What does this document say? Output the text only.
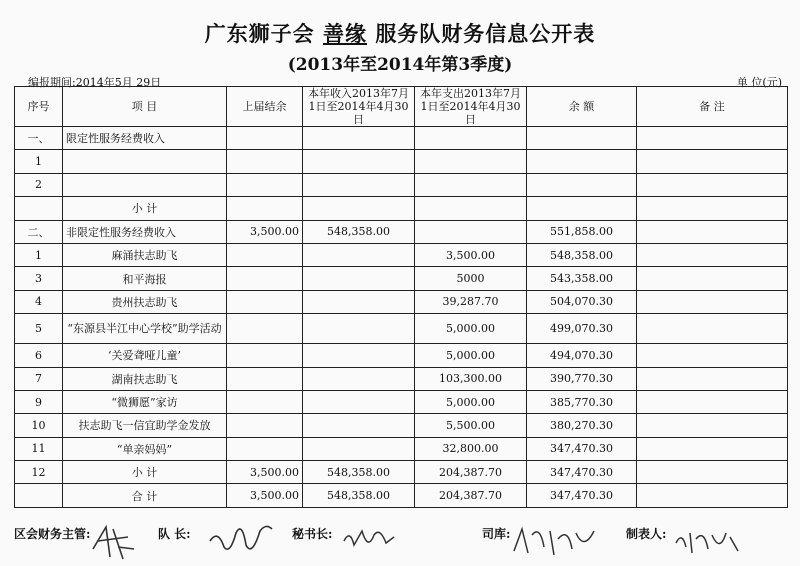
广东狮子会 善缘 服务队财务信息公开表
(2013年至2014年第3季度)
编报期间:2014年5月 29日	单 位(元)
序号	项 目	上届结余	本年收入2013年7月1日至2014年4月30日	本年支出2013年7月1日至2014年4月30日	余 额	备 注
一、	限定性服务经费收入					
1						
2						
	小 计					
二、	非限定性服务经费收入	3,500.00	548,358.00		551,858.00	
1	麻涌扶志助飞			3,500.00	548,358.00	
3	和平海报			5000	543,358.00	
4	贵州扶志助飞			39,287.70	504,070.30	
5	“东源县半江中心学校”助学活动			5,000.00	499,070.30	
6	‘关爱聋哑儿童’			5,000.00	494,070.30	
7	湖南扶志助飞			103,300.00	390,770.30	
9	“微狮愿”家访			5,000.00	385,770.30	
10	扶志助飞一信宜助学金发放			5,500.00	380,270.30	
11	“单亲妈妈”			32,800.00	347,470.30	
12	小 计	3,500.00	548,358.00	204,387.70	347,470.30	
	合 计	3,500.00	548,358.00	204,387.70	347,470.30	
区会财务主管:	队 长:	秘书长:	司库:	制表人:
